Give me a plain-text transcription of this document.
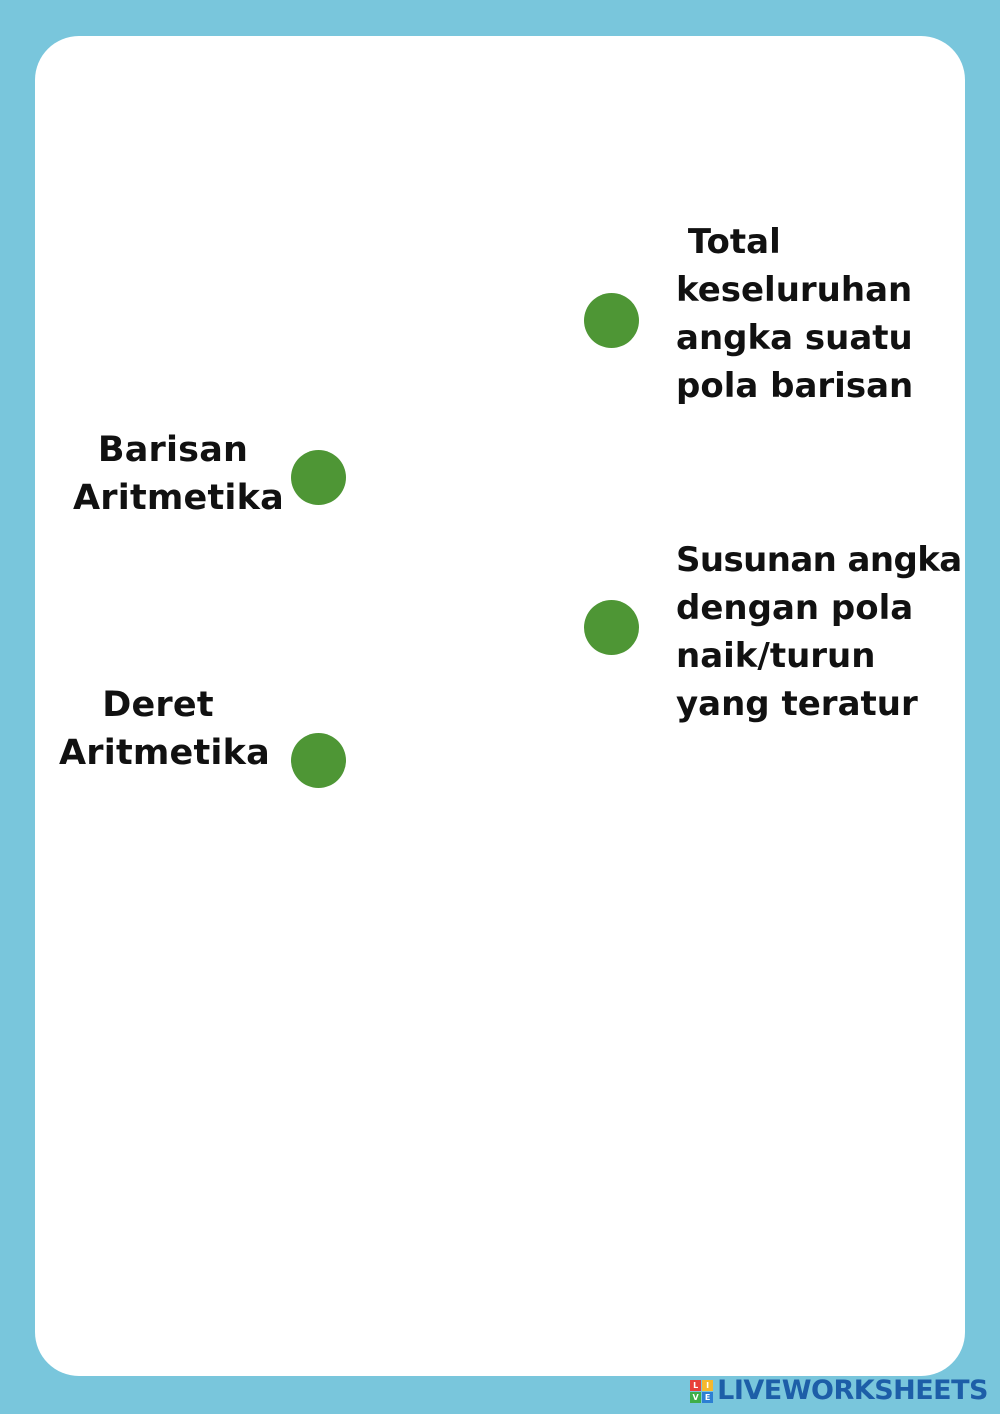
Barisan
Aritmetika
Deret
Aritmetika
Total
keseluruhan
angka suatu
pola barisan
Susunan angka
dengan pola
naik/turun
yang teratur
L I
V E LIVEWORKSHEETS
